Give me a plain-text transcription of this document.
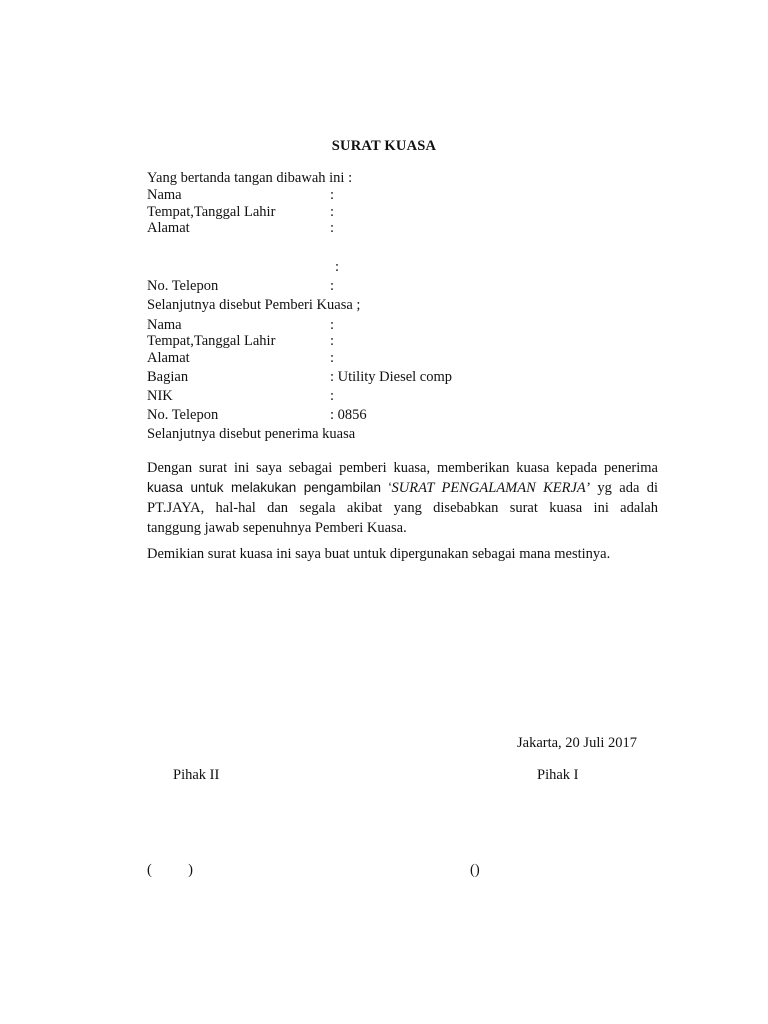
SURAT KUASA
Yang bertanda tangan dibawah ini :
Nama	:
Tempat,Tanggal Lahir	:
Alamat	:
:
No. Telepon	:
Selanjutnya disebut Pemberi Kuasa ;
Nama	:
Tempat,Tanggal Lahir	:
Alamat	:
Bagian	: Utility Diesel comp
NIK	:
No. Telepon	: 0856
Selanjutnya disebut penerima kuasa
Dengan surat ini saya sebagai pemberi kuasa, memberikan kuasa kepada penerima
kuasa untuk melakukan pengambilan ‘SURAT PENGALAMAN KERJA’ yg ada di
PT.JAYA, hal-hal dan segala akibat yang disebabkan surat kuasa ini adalah
tanggung jawab sepenuhnya Pemberi Kuasa.
Demikian surat kuasa ini saya buat untuk dipergunakan sebagai mana mestinya.
Jakarta, 20 Juli 2017
Pihak II	Pihak I
(          )	()
